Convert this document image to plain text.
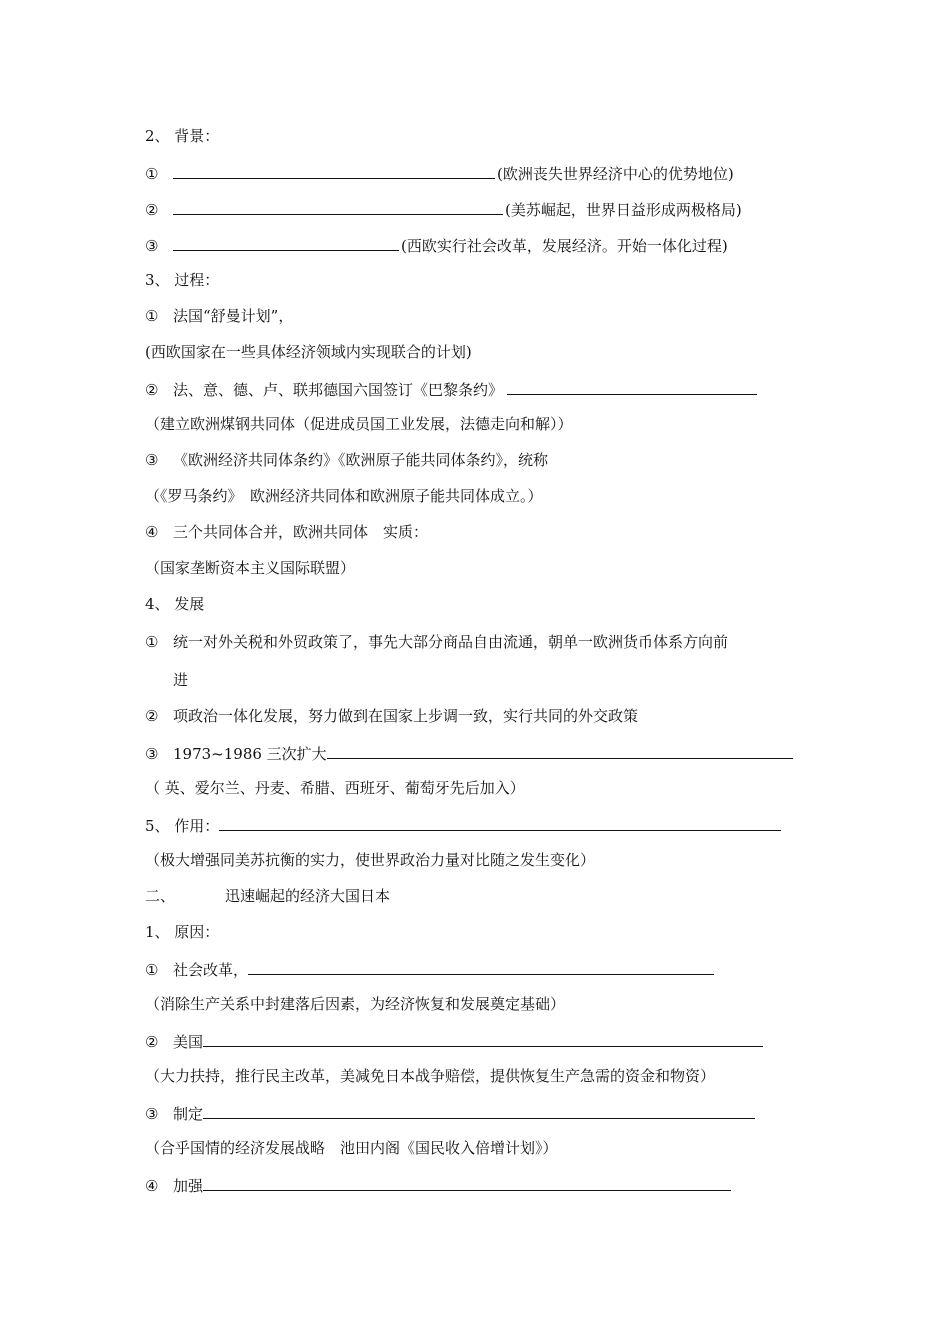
2、 背景：
①	(欧洲丧失世界经济中心的优势地位)
②	(美苏崛起，世界日益形成两极格局)
③	(西欧实行社会改革，发展经济。开始一体化过程)
3、 过程：
① 法国“舒曼计划”，
(西欧国家在一些具体经济领域内实现联合的计划)
② 法、意、德、卢、联邦德国六国签订《巴黎条约》
（建立欧洲煤钢共同体（促进成员国工业发展，法德走向和解））
③ 《欧洲经济共同体条约》《欧洲原子能共同体条约》，统称
（《罗马条约》　欧洲经济共同体和欧洲原子能共同体成立。）
④ 三个共同体合并，欧洲共同体　实质：
（国家垄断资本主义国际联盟）
4、 发展
① 统一对外关税和外贸政策了，事先大部分商品自由流通，朝单一欧洲货币体系方向前
进
② 项政治一体化发展，努力做到在国家上步调一致，实行共同的外交政策
③ 1973~1986 三次扩大
（ 英、爱尔兰、丹麦、希腊、西班牙、葡萄牙先后加入）
5、 作用：
（极大增强同美苏抗衡的实力，使世界政治力量对比随之发生变化）
二、	迅速崛起的经济大国日本
1、 原因：
① 社会改革，
（消除生产关系中封建落后因素，为经济恢复和发展奠定基础）
② 美国
（大力扶持，推行民主改革，美减免日本战争赔偿，提供恢复生产急需的资金和物资）
③ 制定
（合乎国情的经济发展战略　池田内阁《国民收入倍增计划》）
④ 加强
